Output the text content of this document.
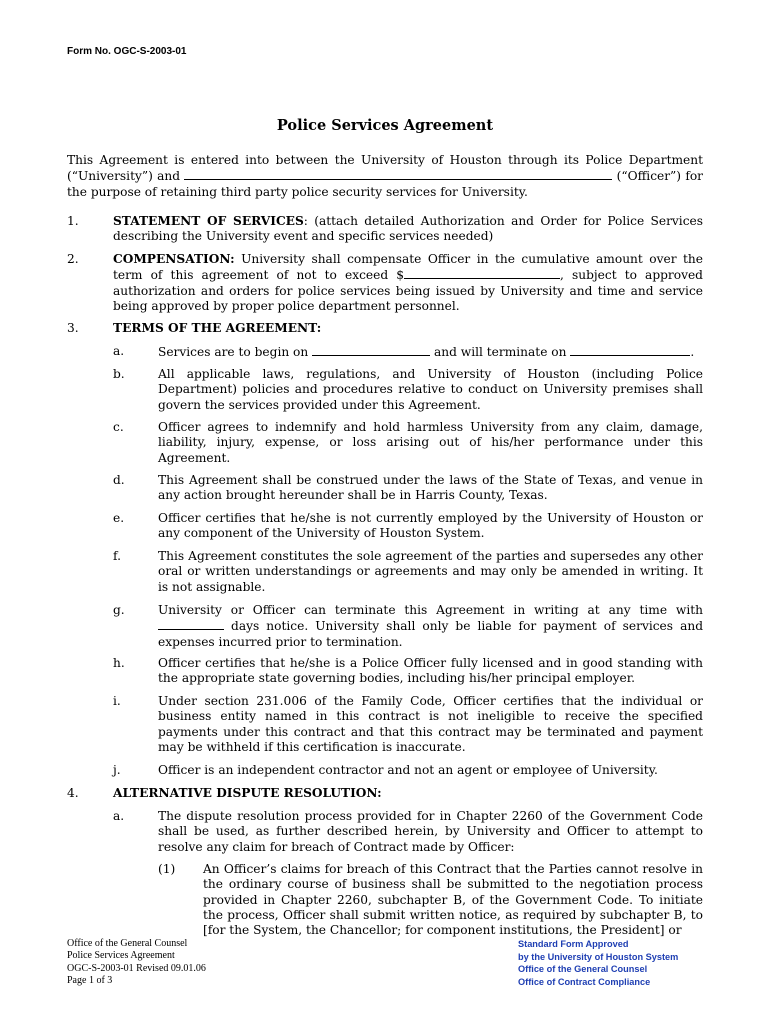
Form No. OGC-S-2003-01
Police Services Agreement
This Agreement is entered into between the University of Houston through its Police Department (“University”) and	(“Officer”) for the purpose of retaining third party police security services for University.
1.	STATEMENT OF SERVICES: (attach detailed Authorization and Order for Police Services describing the University event and specific services needed)
2.	COMPENSATION: University shall compensate Officer in the cumulative amount over the term of this agreement of not to exceed $	, subject to approved authorization and orders for police services being issued by University and time and service being approved by proper police department personnel.
3.	TERMS OF THE AGREEMENT:
a.	Services are to begin on	and will terminate on	.
b.	All applicable laws, regulations, and University of Houston (including Police Department) policies and procedures relative to conduct on University premises shall govern the services provided under this Agreement.
c.	Officer agrees to indemnify and hold harmless University from any claim, damage, liability, injury, expense, or loss arising out of his/her performance under this Agreement.
d.	This Agreement shall be construed under the laws of the State of Texas, and venue in any action brought hereunder shall be in Harris County, Texas.
e.	Officer certifies that he/she is not currently employed by the University of Houston or any component of the University of Houston System.
f.	This Agreement constitutes the sole agreement of the parties and supersedes any other oral or written understandings or agreements and may only be amended in writing. It is not assignable.
g.	University or Officer can terminate this Agreement in writing at any time with  days notice. University shall only be liable for payment of services and expenses incurred prior to termination.
h.	Officer certifies that he/she is a Police Officer fully licensed and in good standing with the appropriate state governing bodies, including his/her principal employer.
i.	Under section 231.006 of the Family Code, Officer certifies that the individual or business entity named in this contract is not ineligible to receive the specified payments under this contract and that this contract may be terminated and payment may be withheld if this certification is inaccurate.
j.	Officer is an independent contractor and not an agent or employee of University.
4.	ALTERNATIVE DISPUTE RESOLUTION:
a.	The dispute resolution process provided for in Chapter 2260 of the Government Code shall be used, as further described herein, by University and Officer to attempt to resolve any claim for breach of Contract made by Officer:
(1) An Officer’s claims for breach of this Contract that the Parties cannot resolve in the ordinary course of business shall be submitted to the negotiation process provided in Chapter 2260, subchapter B, of the Government Code. To initiate the process, Officer shall submit written notice, as required by subchapter B, to [for the System, the Chancellor; for component institutions, the President] or
Office of the General Counsel
Police Services Agreement
OGC-S-2003-01 Revised 09.01.06
Page 1 of 3
Standard Form Approved
by the University of Houston System
Office of the General Counsel
Office of Contract Compliance
